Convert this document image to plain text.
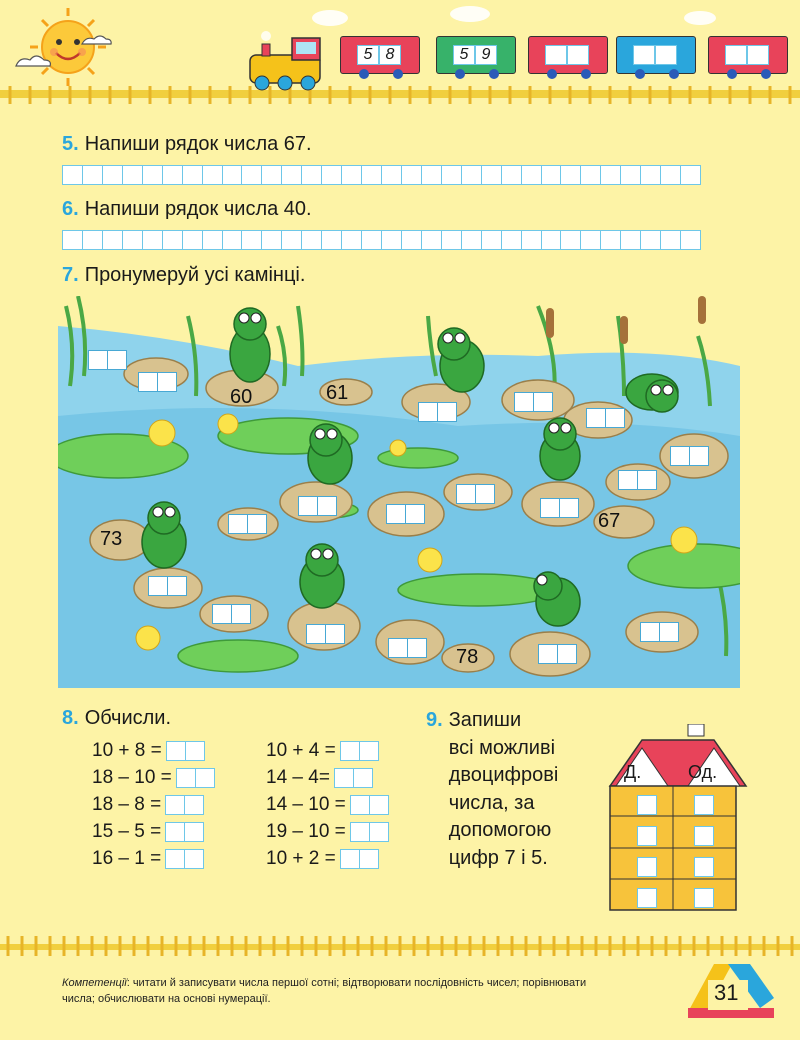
5 8	5 9
5. Напиши рядок числа 67.
6. Напиши рядок числа 40.
7. Пронумеруй усі камінці.
60	61
73
67
78
8. Обчисли.
10 + 8 =
18 – 10 =
18 – 8 =
15 – 5 =
16 – 1 =
10 + 4 =
14 – 4=
14 – 10 =
19 – 10 =
10 + 2 =
9. Запиши
всі можливі
двоцифрові
числа, за
допомогою
цифр 7 і 5.
Д.	Од.
Компетенції: читати й записувати числа першої сотні; відтворювати послідовність чисел; порівнювати числа; обчислювати на основі нумерації.	31
